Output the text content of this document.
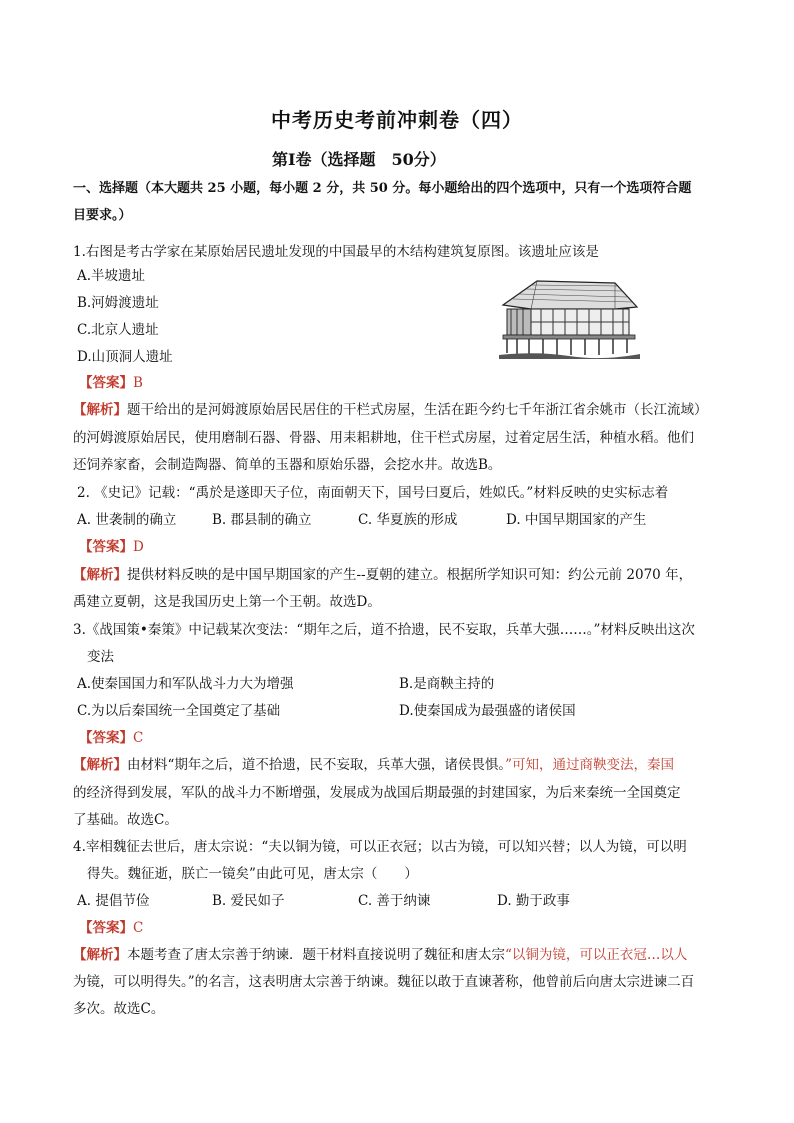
中考历史考前冲刺卷（四）
第Ⅰ卷（选择题　50分）
一、选择题（本大题共 25 小题，每小题 2 分，共 50 分。每小题给出的四个选项中，只有一个选项符合题
目要求。）
1.右图是考古学家在某原始居民遗址发现的中国最早的木结构建筑复原图。该遗址应该是
A.半坡遗址
B.河姆渡遗址
C.北京人遗址
D.山顶洞人遗址
【答案】B
【解析】题干给出的是河姆渡原始居民居住的干栏式房屋，生活在距今约七千年浙江省余姚市（长江流域）
的河姆渡原始居民，使用磨制石器、骨器、用耒耜耕地，住干栏式房屋，过着定居生活，种植水稻。他们
还饲养家畜，会制造陶器、简单的玉器和原始乐器，会挖水井。故选B。
2. 《史记》记载：“禹於是遂即天子位，南面朝天下，国号曰夏后，姓姒氏。”材料反映的史实标志着
A. 世袭制的确立	B. 郡县制的确立	C. 华夏族的形成	D. 中国早期国家的产生
【答案】D
【解析】提供材料反映的是中国早期国家的产生--夏朝的建立。根据所学知识可知：约公元前 2070 年，
禹建立夏朝，这是我国历史上第一个王朝。故选D。
3.《战国策•秦策》中记载某次变法：“期年之后，道不拾遗，民不妄取，兵革大强……。”材料反映出这次
变法
A.使秦国国力和军队战斗力大为增强	B.是商鞅主持的
C.为以后秦国统一全国奠定了基础	D.使秦国成为最强盛的诸侯国
【答案】C
【解析】由材料“期年之后，道不拾遗，民不妄取，兵革大强，诸侯畏惧。”可知，通过商鞅变法，秦国
的经济得到发展，军队的战斗力不断增强，发展成为战国后期最强的封建国家，为后来秦统一全国奠定
了基础。故选C。
4.宰相魏征去世后，唐太宗说：“夫以铜为镜，可以正衣冠；以古为镜，可以知兴替；以人为镜，可以明
得失。魏征逝，朕亡一镜矣”由此可见，唐太宗（　　）
A. 提倡节俭	B. 爱民如子	C. 善于纳谏	D. 勤于政事
【答案】C
【解析】本题考查了唐太宗善于纳谏．题干材料直接说明了魏征和唐太宗“以铜为镜，可以正衣冠…以人
为镜，可以明得失。”的名言，这表明唐太宗善于纳谏。魏征以敢于直谏著称，他曾前后向唐太宗进谏二百
多次。故选C。
